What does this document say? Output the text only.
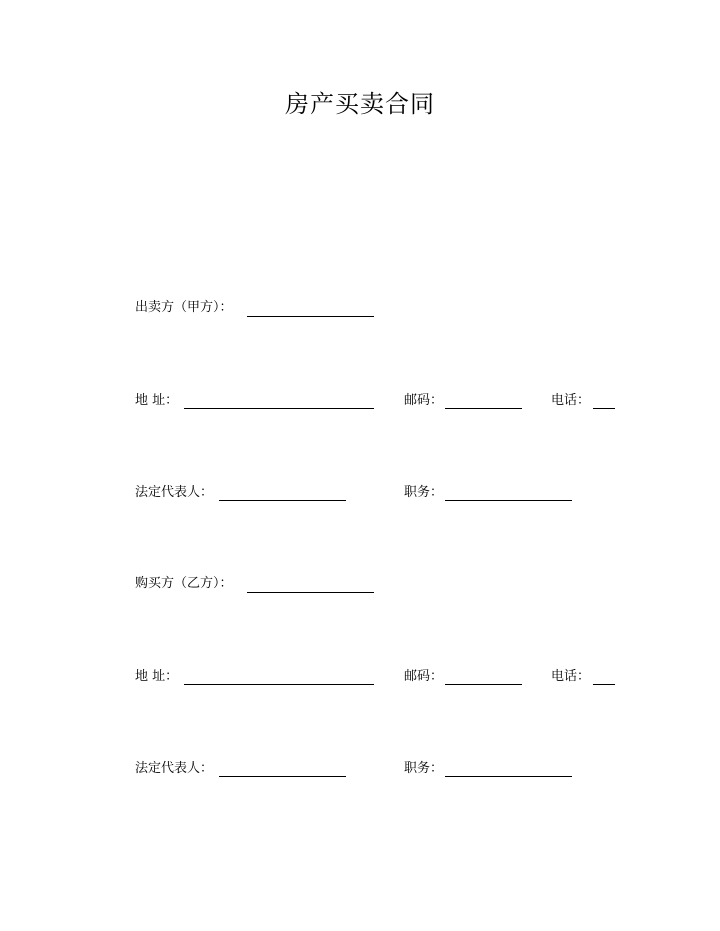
房产买卖合同
出卖方（甲方）：
地 址：	邮码：	电话：
法定代表人：	职务：
购买方（乙方）：
地 址：	邮码：	电话：
法定代表人：	职务：
